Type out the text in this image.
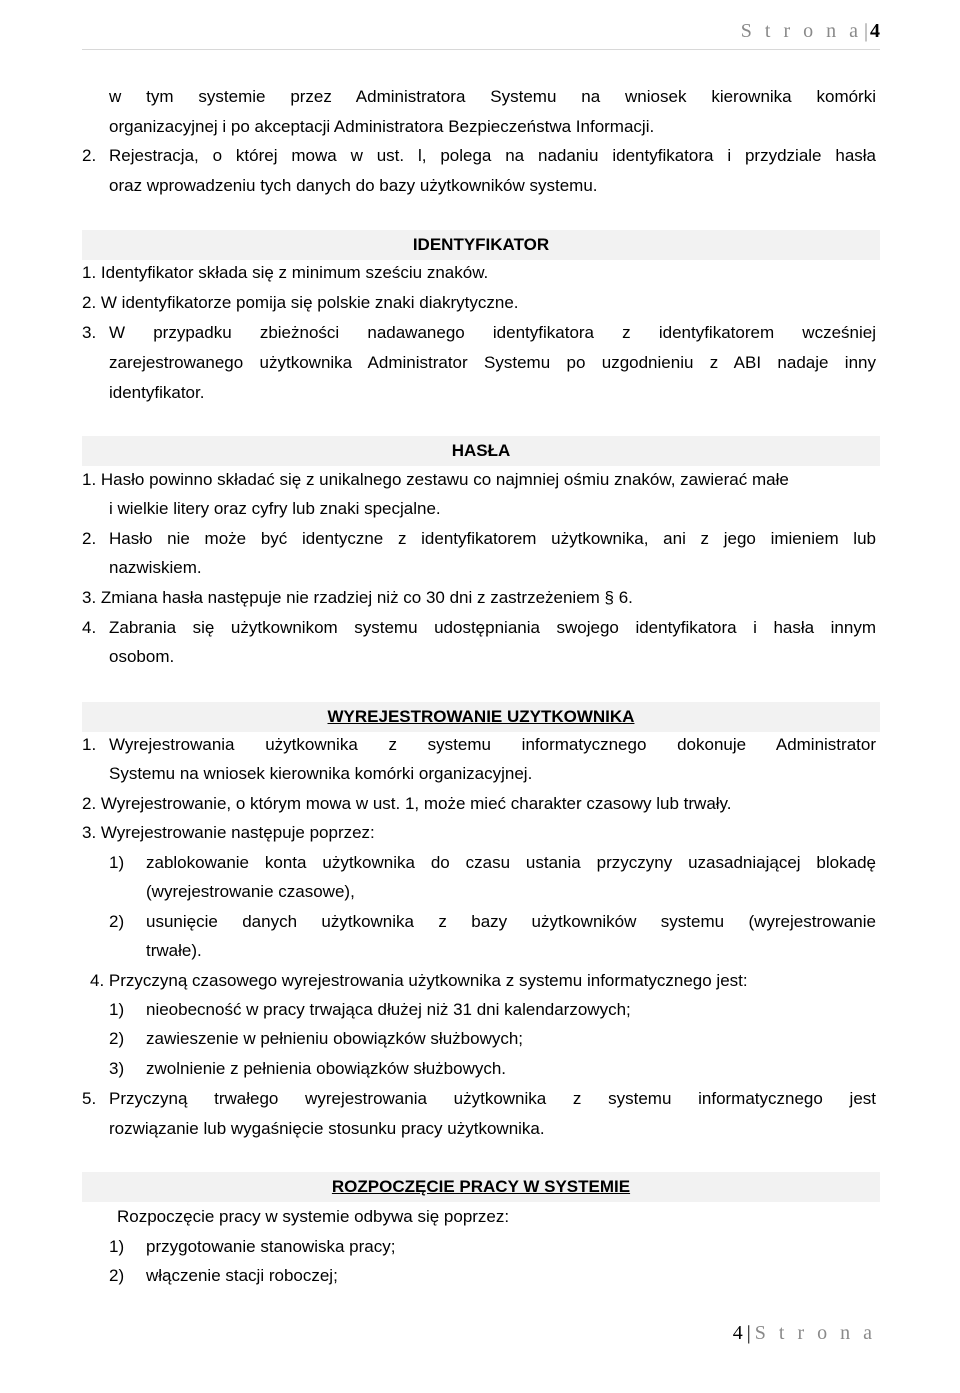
S t r o n a | 4
w tym systemie przez Administratora Systemu na wniosek kierownika komórki
organizacyjnej i po akceptacji Administratora Bezpieczeństwa Informacji.
2. Rejestracja, o której mowa w ust. l, polega na nadaniu identyfikatora i przydziale hasła
oraz wprowadzeniu tych danych do bazy użytkowników systemu.
IDENTYFIKATOR
1. Identyfikator składa się z minimum sześciu znaków.
2. W identyfikatorze pomija się polskie znaki diakrytyczne.
3. W przypadku zbieżności nadawanego identyfikatora z identyfikatorem wcześniej
zarejestrowanego użytkownika Administrator Systemu po uzgodnieniu z ABI nadaje inny
identyfikator.
HASŁA
1. Hasło powinno składać się z unikalnego zestawu co najmniej ośmiu znaków, zawierać małe
i wielkie litery oraz cyfry lub znaki specjalne.
2. Hasło nie może być identyczne z identyfikatorem użytkownika, ani z jego imieniem lub
nazwiskiem.
3. Zmiana hasła następuje nie rzadziej niż co 30 dni z zastrzeżeniem § 6.
4. Zabrania się użytkownikom systemu udostępniania swojego identyfikatora i hasła innym
osobom.
WYREJESTROWANIE UZYTKOWNIKA
1. Wyrejestrowania użytkownika z systemu informatycznego dokonuje Administrator
Systemu na wniosek kierownika komórki organizacyjnej.
2. Wyrejestrowanie, o którym mowa w ust. 1, może mieć charakter czasowy lub trwały.
3. Wyrejestrowanie następuje poprzez:
1) zablokowanie konta użytkownika do czasu ustania przyczyny uzasadniającej blokadę
(wyrejestrowanie czasowe),
2) usunięcie danych użytkownika z bazy użytkowników systemu (wyrejestrowanie
trwałe).
4. Przyczyną czasowego wyrejestrowania użytkownika z systemu informatycznego jest:
1) nieobecność w pracy trwająca dłużej niż 31 dni kalendarzowych;
2) zawieszenie w pełnieniu obowiązków służbowych;
3) zwolnienie z pełnienia obowiązków służbowych.
5. Przyczyną trwałego wyrejestrowania użytkownika z systemu informatycznego jest
rozwiązanie lub wygaśnięcie stosunku pracy użytkownika.
ROZPOCZĘCIE PRACY W SYSTEMIE
Rozpoczęcie pracy w systemie odbywa się poprzez:
1) przygotowanie stanowiska pracy;
2) włączenie stacji roboczej;
4 | S t r o n a
